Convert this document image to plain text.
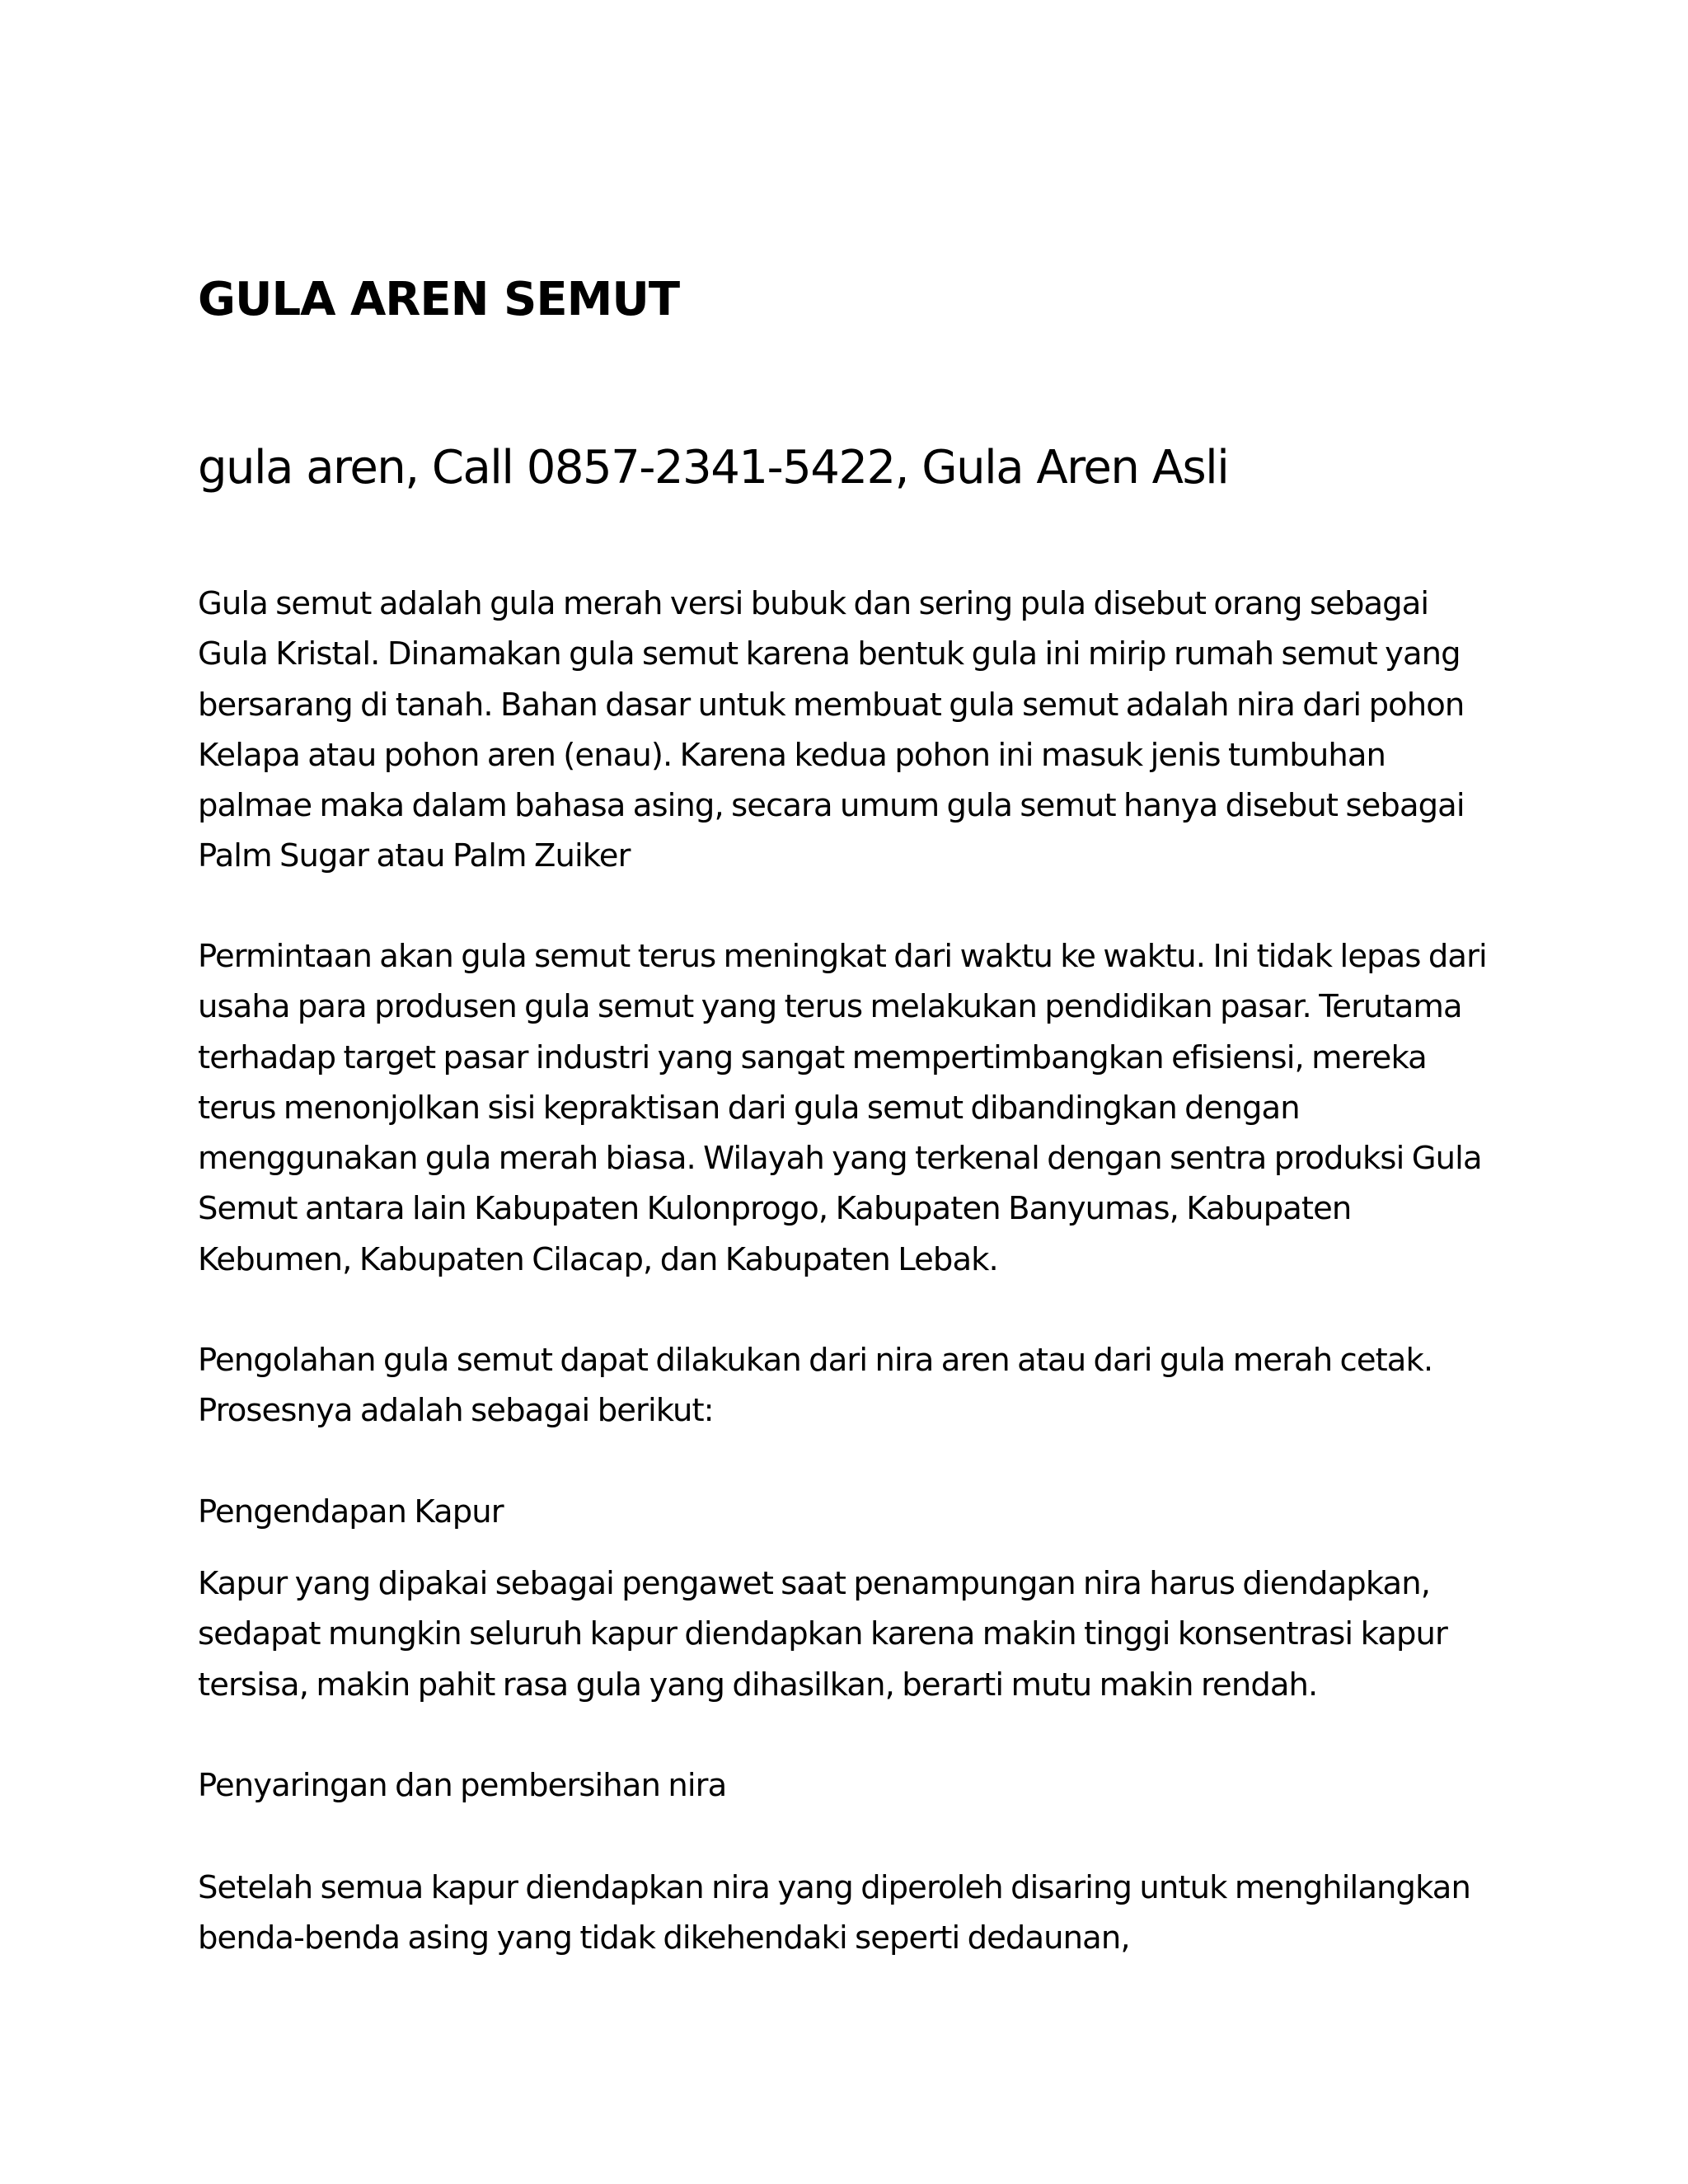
GULA AREN SEMUT
gula aren, Call 0857-2341-5422, Gula Aren Asli

Gula semut adalah gula merah versi bubuk dan sering pula disebut orang sebagai Gula Kristal. Dinamakan gula semut karena bentuk gula ini mirip rumah semut yang bersarang di tanah. Bahan dasar untuk membuat gula semut adalah nira dari pohon Kelapa atau pohon aren (enau). Karena kedua pohon ini masuk jenis tumbuhan palmae maka dalam bahasa asing, secara umum gula semut hanya disebut sebagai Palm Sugar atau Palm Zuiker

Permintaan akan gula semut terus meningkat dari waktu ke waktu. Ini tidak lepas dari usaha para produsen gula semut yang terus melakukan pendidikan pasar. Terutama terhadap target pasar industri yang sangat mempertimbangkan efisiensi, mereka terus menonjolkan sisi kepraktisan dari gula semut dibandingkan dengan menggunakan gula merah biasa. Wilayah yang terkenal dengan sentra produksi Gula Semut antara lain Kabupaten Kulonprogo, Kabupaten Banyumas, Kabupaten Kebumen, Kabupaten Cilacap, dan Kabupaten Lebak.

Pengolahan gula semut dapat dilakukan dari nira aren atau dari gula merah cetak. Prosesnya adalah sebagai berikut:

Pengendapan Kapur

Kapur yang dipakai sebagai pengawet saat penampungan nira harus diendapkan, sedapat mungkin seluruh kapur diendapkan karena makin tinggi konsentrasi kapur tersisa, makin pahit rasa gula yang dihasilkan, berarti mutu makin rendah.

Penyaringan dan pembersihan nira

Setelah semua kapur diendapkan nira yang diperoleh disaring untuk menghilangkan benda-benda asing yang tidak dikehendaki seperti dedaunan,
